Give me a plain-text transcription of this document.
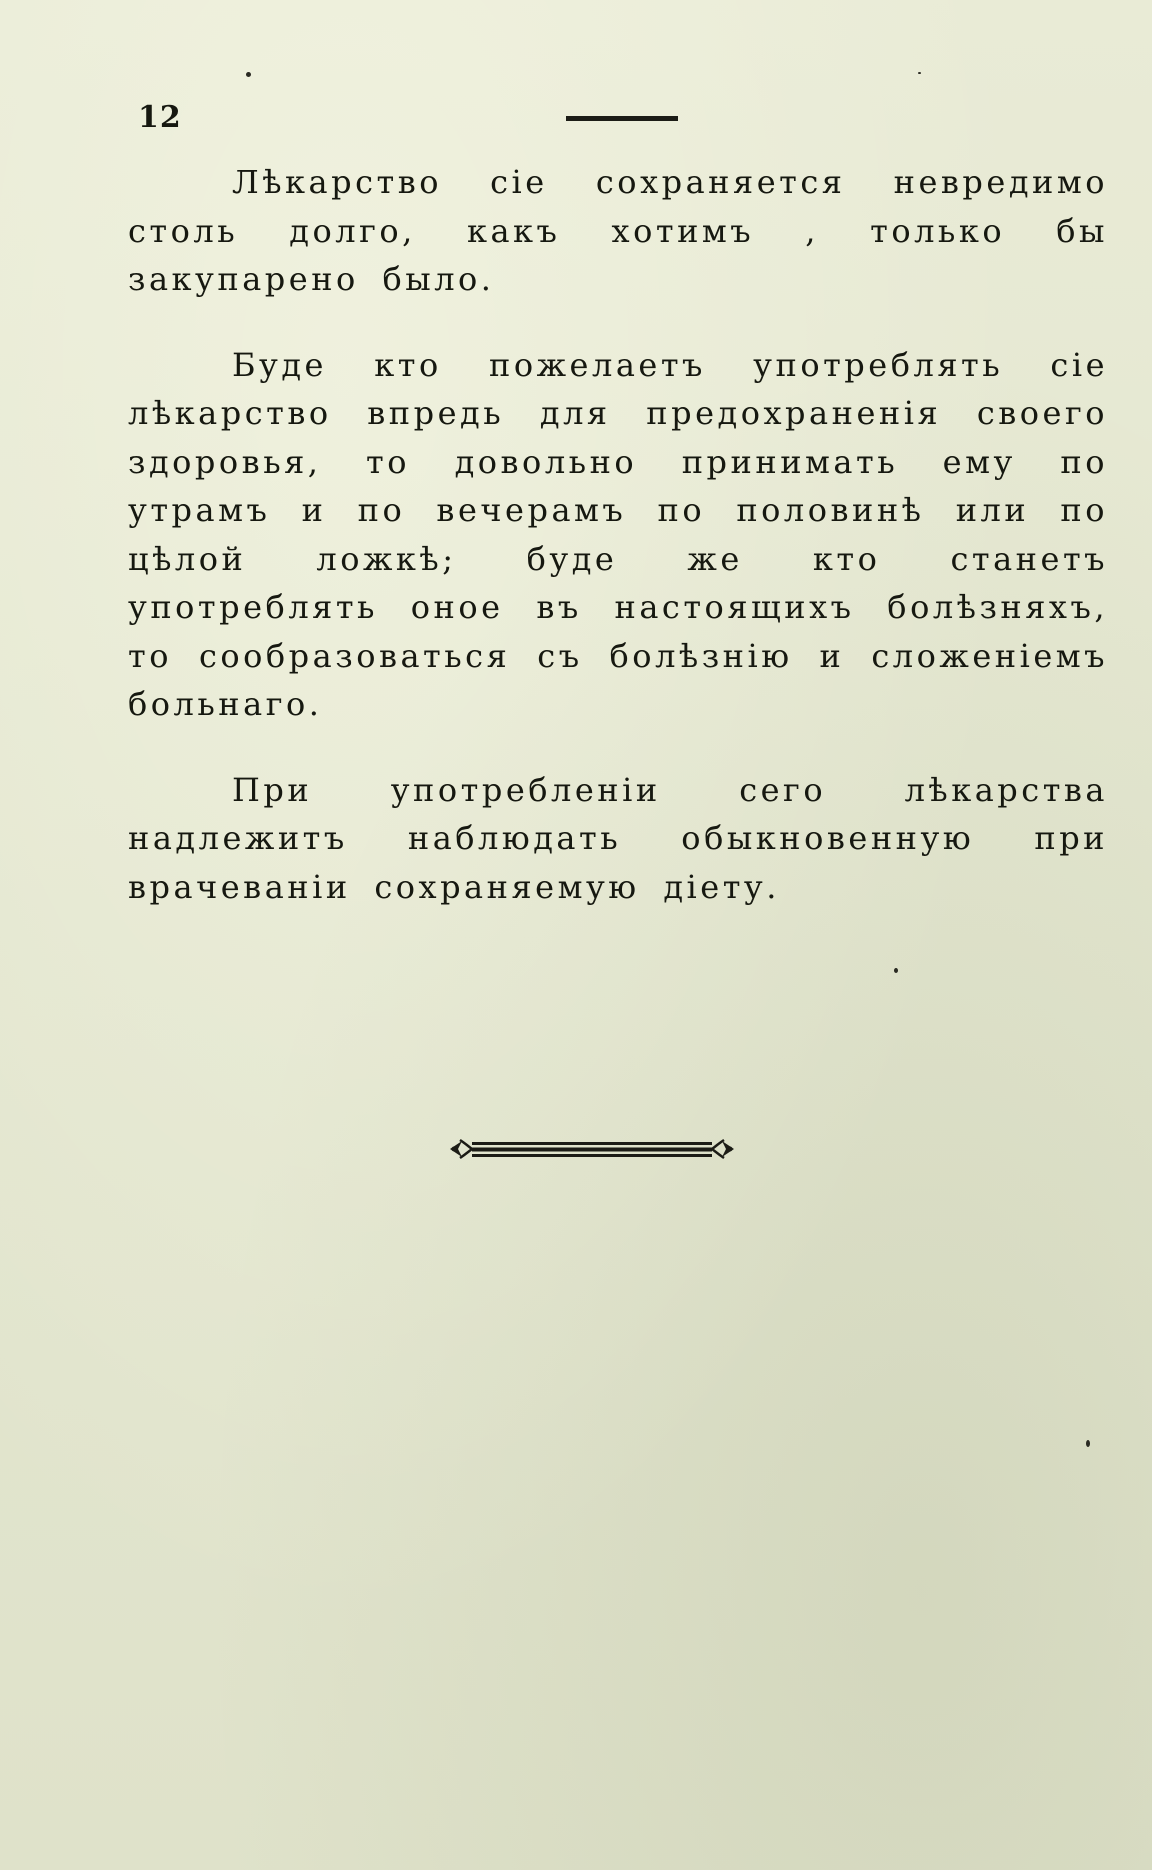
12

Лѣкарство сіе сохраняется невредимо столь долго, какъ хотимъ , только бы закупарено было.

Буде кто пожелаетъ употреблять сіе лѣкарство впредь для предохраненія своего здоровья, то довольно принимать ему по утрамъ и по вечерамъ по половинѣ или по цѣлой ложкѣ; буде же кто станетъ употреблять оное въ настоящихъ болѣзняхъ, то сообразоваться съ болѣзнію и сложеніемъ больнаго.

При употребленіи сего лѣкарства надлежитъ наблюдать обыкновенную при врачеваніи сохраняемую діету.
